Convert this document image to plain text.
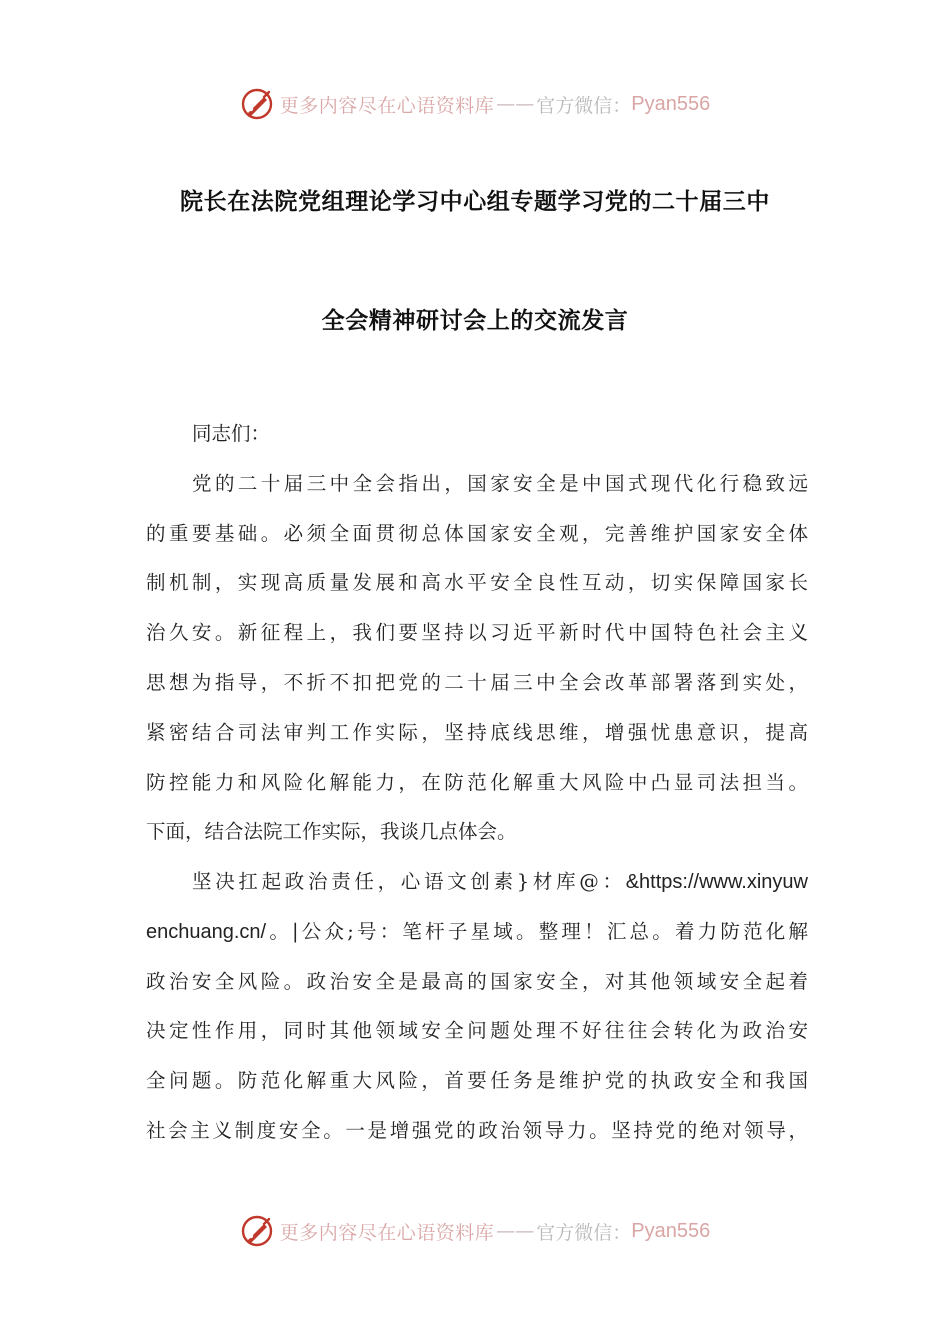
更多内容尽在心语资料库 —— 官方微信： Pyan556
院长在法院党组理论学习中心组专题学习党的二十届三中
全会精神研讨会上的交流发言
同志们：
党的二十届三中全会指出，国家安全是中国式现代化行稳致远
的重要基础。必须全面贯彻总体国家安全观，完善维护国家安全体
制机制，实现高质量发展和高水平安全良性互动，切实保障国家长
治久安。新征程上，我们要坚持以习近平新时代中国特色社会主义
思想为指导，不折不扣把党的二十届三中全会改革部署落到实处，
紧密结合司法审判工作实际，坚持底线思维，增强忧患意识，提高
防控能力和风险化解能力，在防范化解重大风险中凸显司法担当。
下面，结合法院工作实际，我谈几点体会。
坚决扛起政治责任，心语文创素}材库@：&https://www.xinyuw
enchuang.cn/。|公众;号：笔杆子星域。整理！汇总。着力防范化解
政治安全风险。政治安全是最高的国家安全，对其他领域安全起着
决定性作用，同时其他领域安全问题处理不好往往会转化为政治安
全问题。防范化解重大风险，首要任务是维护党的执政安全和我国
社会主义制度安全。一是增强党的政治领导力。坚持党的绝对领导，
更多内容尽在心语资料库 —— 官方微信： Pyan556
